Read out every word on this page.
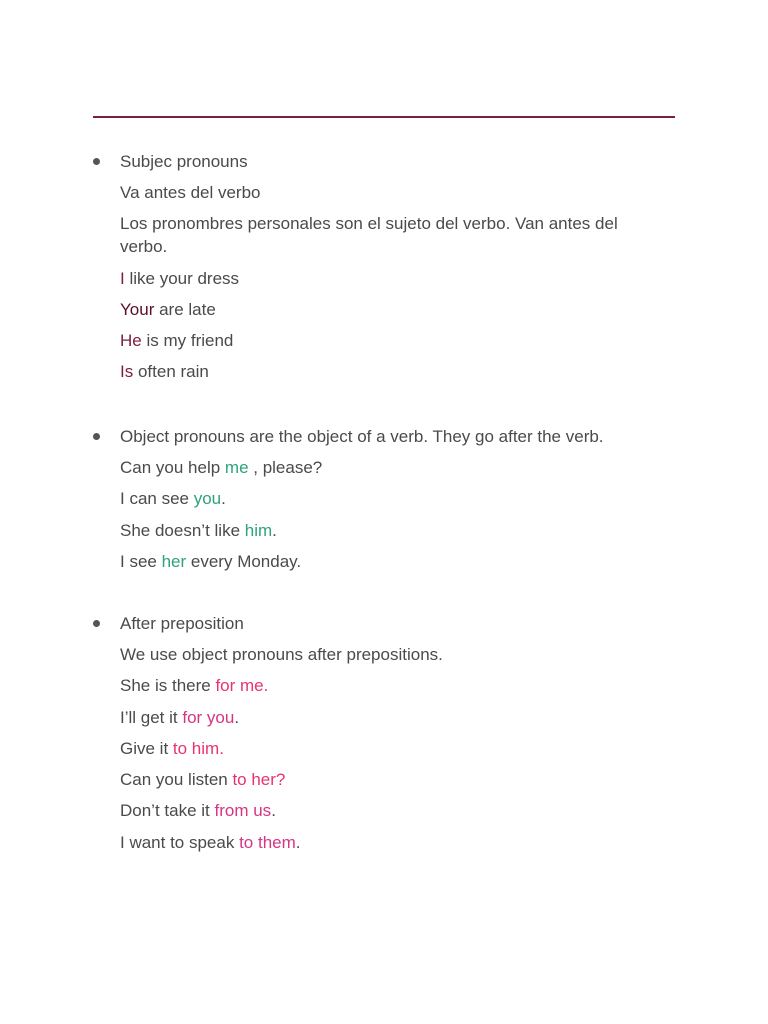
Subjec pronouns
Va antes del verbo
Los pronombres personales son el sujeto del verbo. Van antes del verbo.
I like your dress
Your are late
He is my friend
Is often rain
Object pronouns are the object of a verb. They go after the verb.
Can you help me , please?
I can see you.
She doesn’t like him.
I see her every Monday.
After preposition
We use object pronouns after prepositions.
She is there for me.
I’ll get it for you.
Give it to him.
Can you listen to her?
Don’t take it from us.
I want to speak to them.
